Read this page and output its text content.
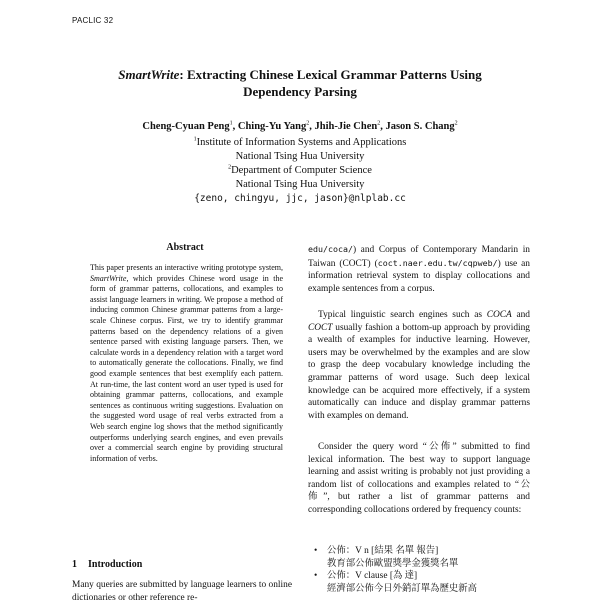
PACLIC 32
SmartWrite: Extracting Chinese Lexical Grammar Patterns Using
Dependency Parsing
Cheng-Cyuan Peng$^1$, Ching-Yu Yang$^2$, Jhih-Jie Chen$^2$, Jason S. Chang$^2$
$^1$Institute of Information Systems and Applications
National Tsing Hua University
$^2$Department of Computer Science
National Tsing Hua University
{zeno, chingyu, jjc, jason}@nlplab.cc
Abstract
This paper presents an interactive writing prototype system, SmartWrite, which provides Chinese word usage in the form of grammar patterns, collocations, and examples to assist language learners in writing. We propose a method of inducing common Chinese grammar patterns from a large-scale Chinese corpus. First, we try to identify grammar patterns based on the dependency relations of a given sentence parsed with existing language parsers. Then, we calculate words in a dependency relation with a target word to automatically generate the collocations. Finally, we find good example sentences that best exemplify each pattern. At run-time, the last content word an user typed is used for obtaining grammar patterns, collocations, and example sentences as continuous writing suggestions. Evaluation on the suggested word usage of real verbs extracted from a Web search engine log shows that the method significantly outperforms underlying search engines, and even prevails over a commercial search engine by providing structural information of verbs.
1 Introduction
Many queries are submitted by language learners to online dictionaries or other reference re-
edu/coca/) and Corpus of Contemporary Mandarin in Taiwan (COCT) (coct.naer.edu.tw/cqpweb/) use an information retrieval system to display collocations and example sentences from a corpus.
Typical linguistic search engines such as COCA and COCT usually fashion a bottom-up approach by providing a wealth of examples for inductive learning. However, users may be overwhelmed by the examples and are slow to grasp the deep vocabulary knowledge including the grammar patterns of word usage. Such deep lexical knowledge can be acquired more effectively, if a system automatically can induce and display grammar patterns with examples on demand.
Consider the query word “公佈” submitted to find lexical information. The best way to support language learning and assist writing is probably not just providing a random list of collocations and examples related to “公佈”, but rather a list of grammar patterns and corresponding collocations ordered by frequency counts:
• 公佈：V n [結果 名單 報告]
教育部公佈歐盟獎學金獲獎名單
• 公佈：V clause [為 達]
經濟部公佈今日外銷訂單為歷史新高
